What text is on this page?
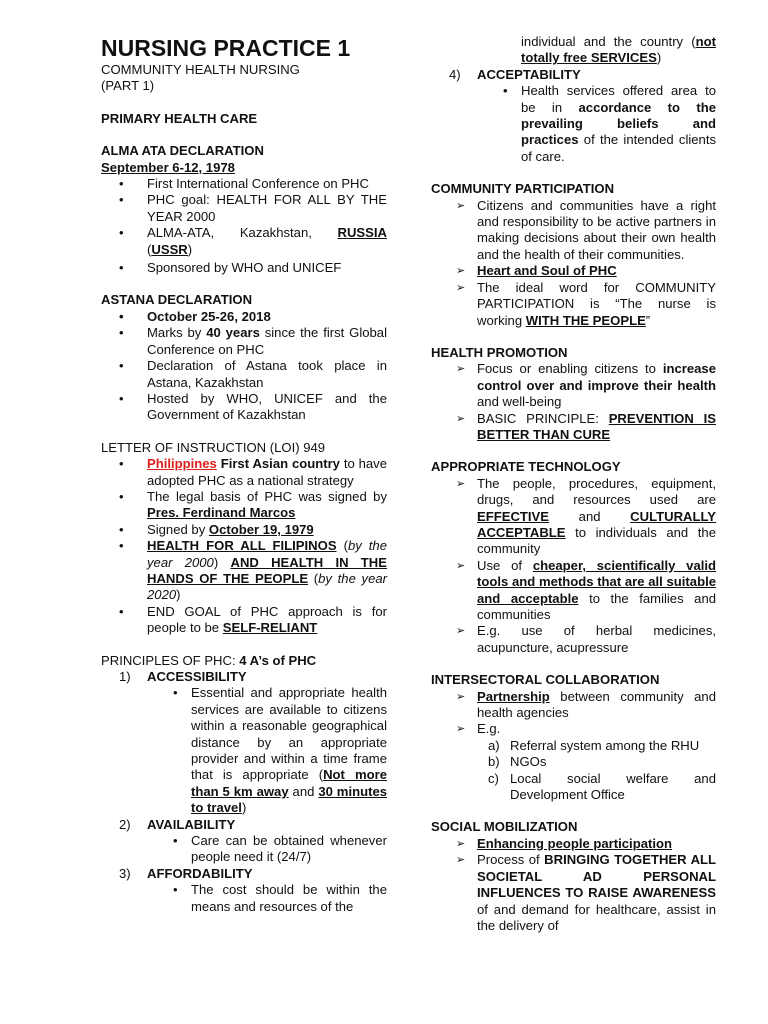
NURSING PRACTICE 1
COMMUNITY HEALTH NURSING
(PART 1)
PRIMARY HEALTH CARE
ALMA ATA DECLARATION
September 6-12, 1978
• First International Conference on PHC
• PHC goal: HEALTH FOR ALL BY THE YEAR 2000
• ALMA-ATA, Kazakhstan, RUSSIA
(USSR)
• Sponsored by WHO and UNICEF
ASTANA DECLARATION
• October 25-26, 2018
• Marks by 40 years since the first Global Conference on PHC
• Declaration of Astana took place in Astana, Kazakhstan
• Hosted by WHO, UNICEF and the Government of Kazakhstan
LETTER OF INSTRUCTION (LOI) 949
• Philippines First Asian country to have adopted PHC as a national strategy
• The legal basis of PHC was signed by Pres. Ferdinand Marcos
• Signed by October 19, 1979
• HEALTH FOR ALL FILIPINOS (by the year 2000) AND HEALTH IN THE HANDS OF THE PEOPLE (by the year 2020)
• END GOAL of PHC approach is for people to be SELF-RELIANT
PRINCIPLES OF PHC: 4 A’s of PHC
1)	ACCESSIBILITY
• Essential and appropriate health services are available to citizens within a reasonable geographical distance by an appropriate provider and within a time frame that is appropriate (Not more than 5 km away and 30 minutes to travel)
2)	AVAILABILITY
• Care can be obtained whenever people need it (24/7)
3)	AFFORDABILITY
• The cost should be within the means and resources of the
individual and the country (not totally free SERVICES)
4)	ACCEPTABILITY
• Health services offered area to be in accordance to the prevailing beliefs and practices of the intended clients of care.
COMMUNITY PARTICIPATION
➢ Citizens and communities have a right and responsibility to be active partners in making decisions about their own health and the health of their communities.
➢ Heart and Soul of PHC
➢ The ideal word for COMMUNITY PARTICIPATION is “The nurse is working WITH THE PEOPLE”
HEALTH PROMOTION
➢ Focus or enabling citizens to increase control over and improve their health and well-being
➢ BASIC PRINCIPLE: PREVENTION IS BETTER THAN CURE
APPROPRIATE TECHNOLOGY
➢ The people, procedures, equipment, drugs, and resources used are EFFECTIVE and CULTURALLY ACCEPTABLE to individuals and the community
➢ Use of cheaper, scientifically valid tools and methods that are all suitable and acceptable to the families and communities
➢ E.g. use of herbal medicines, acupuncture, acupressure
INTERSECTORAL COLLABORATION
➢ Partnership between community and health agencies
➢ E.g.
a) Referral system among the RHU
b) NGOs
c) Local social welfare and Development Office
SOCIAL MOBILIZATION
➢ Enhancing people participation
➢ Process of BRINGING TOGETHER ALL SOCIETAL AD PERSONAL INFLUENCES TO RAISE AWARENESS of and demand for healthcare, assist in the delivery of
